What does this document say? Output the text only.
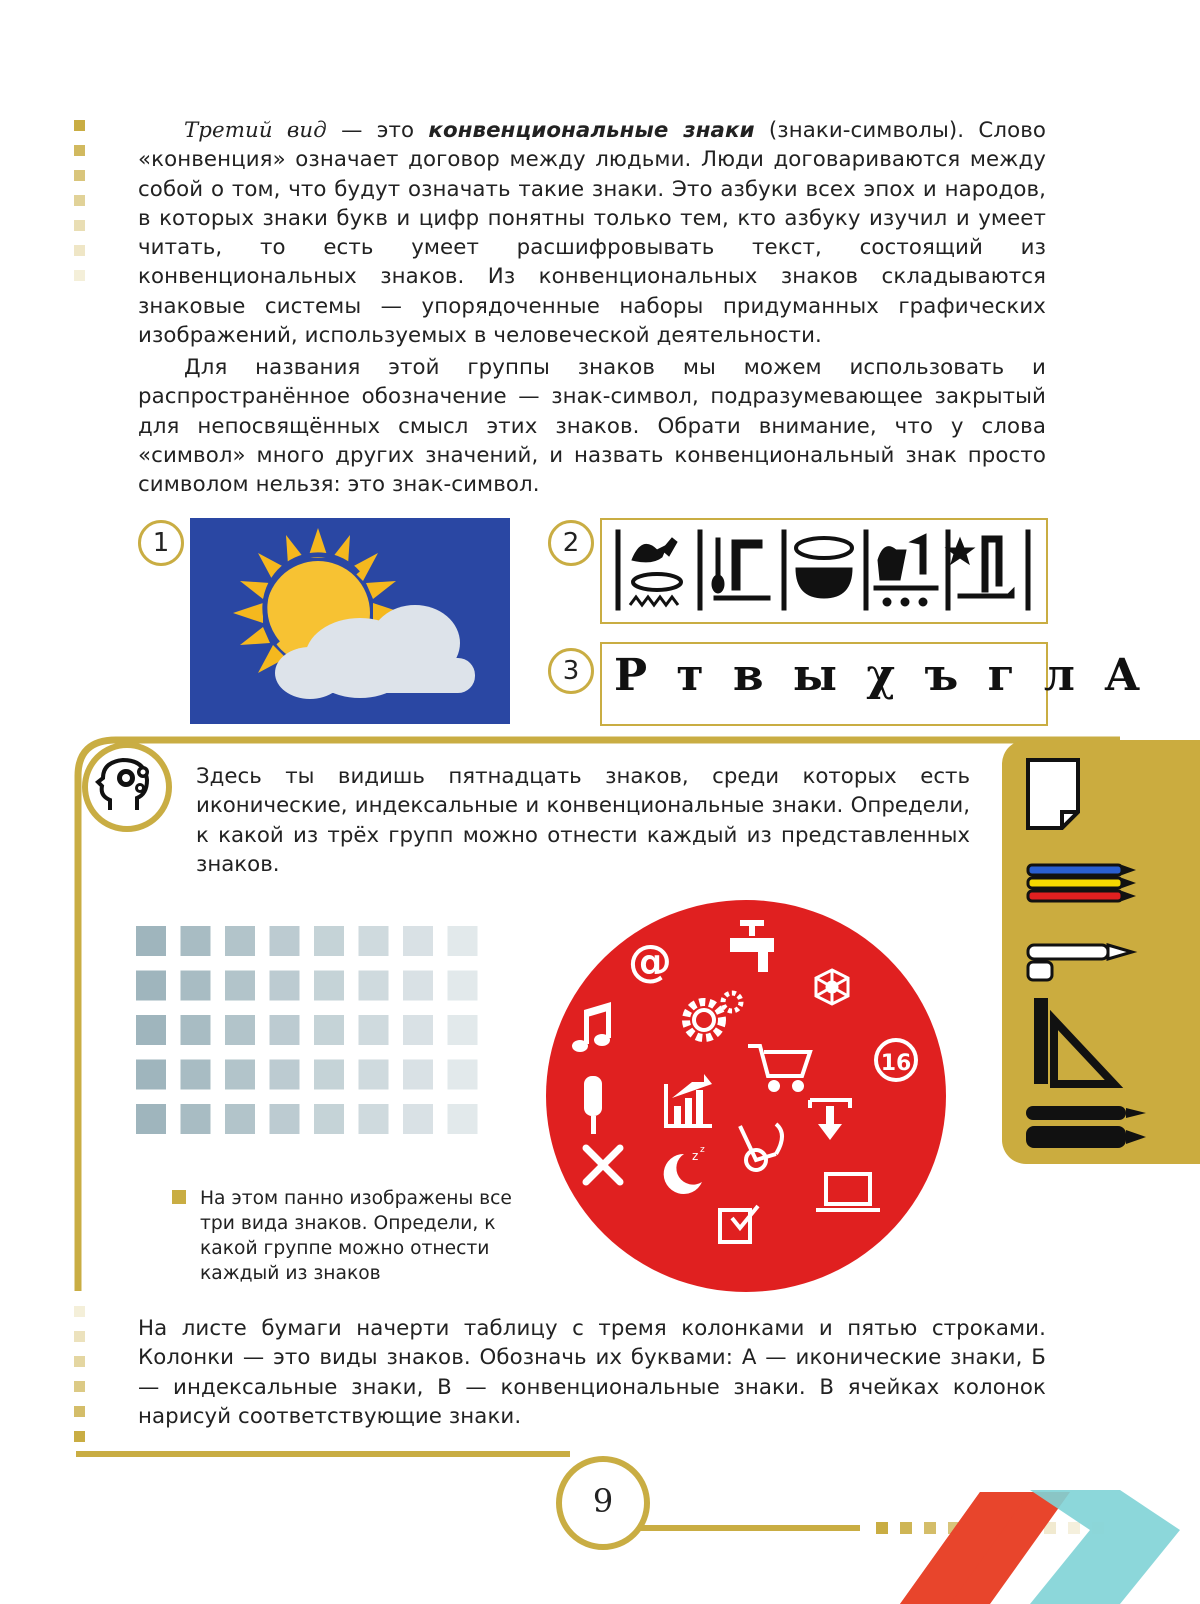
Третий вид — это конвенциональные знаки (знаки-символы). Слово «конвенция» означает договор между людьми. Люди договариваются между собой о том, что будут означать такие знаки. Это азбуки всех эпох и народов, в которых знаки букв и цифр понятны только тем, кто азбуку изучил и умеет читать, то есть умеет расшифровывать текст, состоящий из конвенциональных знаков. Из конвенциональных знаков складываются знаковые системы — упорядоченные наборы придуманных графических изображений, используемых в человеческой деятельности.

Для названия этой группы знаков мы можем использовать и распространённое обозначение — знак-символ, подразумевающее закрытый для непосвящённых смысл этих знаков. Обрати внимание, что у слова «символ» много других значений, и назвать конвенциональный знак просто символом нельзя: это знак-символ.

1	2
3 Р т в ы χ ъ г л А

Здесь ты видишь пятнадцать знаков, среди которых есть иконические, индексальные и конвенциональные знаки. Определи, к какой из трёх групп можно отнести каждый из представленных знаков.

На этом панно изображены все три вида знаков. Определи, к какой группе можно отнести каждый из знаков

@
16
z z

На листе бумаги начерти таблицу с тремя колонками и пятью строками. Колонки — это виды знаков. Обозначь их буквами: А — иконические знаки, Б — индексальные знаки, В — конвенциональные знаки. В ячейках колонок нарисуй соответствующие знаки.

9
